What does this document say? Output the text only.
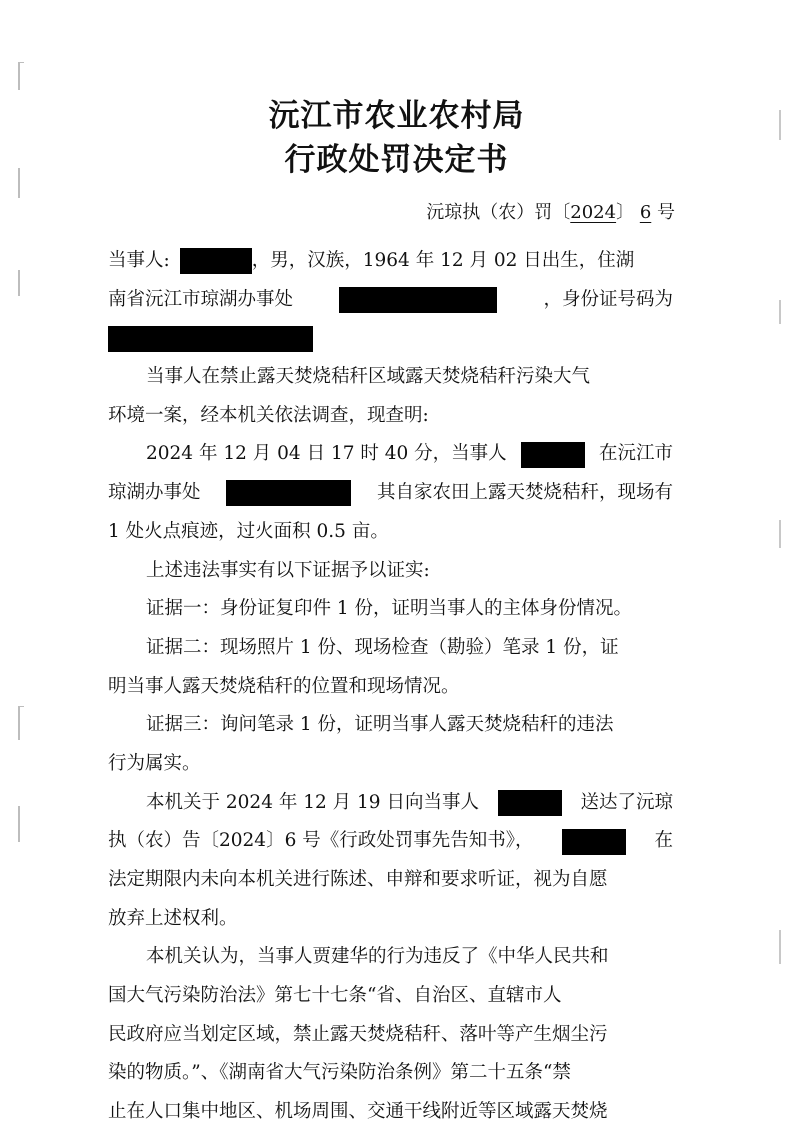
沅江市农业农村局
行政处罚决定书
沅琼执（农）罚〔2024〕 6 号
当事人:	，男，汉族，1964 年 12 月 02 日出生，住湖
南省沅江市琼湖办事处	，身份证号码为
当事人在禁止露天焚烧秸秆区域露天焚烧秸秆污染大气
环境一案，经本机关依法调查，现查明:
2024 年 12 月 04 日 17 时 40 分，当事人	在沅江市
琼湖办事处	其自家农田上露天焚烧秸秆，现场有
1 处火点痕迹，过火面积 0.5 亩。
上述违法事实有以下证据予以证实:
证据一：身份证复印件 1 份，证明当事人的主体身份情况。
证据二：现场照片 1 份、现场检查（勘验）笔录 1 份，证
明当事人露天焚烧秸秆的位置和现场情况。
证据三：询问笔录 1 份，证明当事人露天焚烧秸秆的违法
行为属实。
本机关于 2024 年 12 月 19 日向当事人	送达了沅琼
执（农）告〔2024〕6 号《行政处罚事先告知书》，	在
法定期限内未向本机关进行陈述、申辩和要求听证，视为自愿
放弃上述权利。
本机关认为，当事人贾建华的行为违反了《中华人民共和
国大气污染防治法》第七十七条“省、自治区、直辖市人
民政府应当划定区域，禁止露天焚烧秸秆、落叶等产生烟尘污
染的物质。”、《湖南省大气污染防治条例》第二十五条“禁
止在人口集中地区、机场周围、交通干线附近等区域露天焚烧
